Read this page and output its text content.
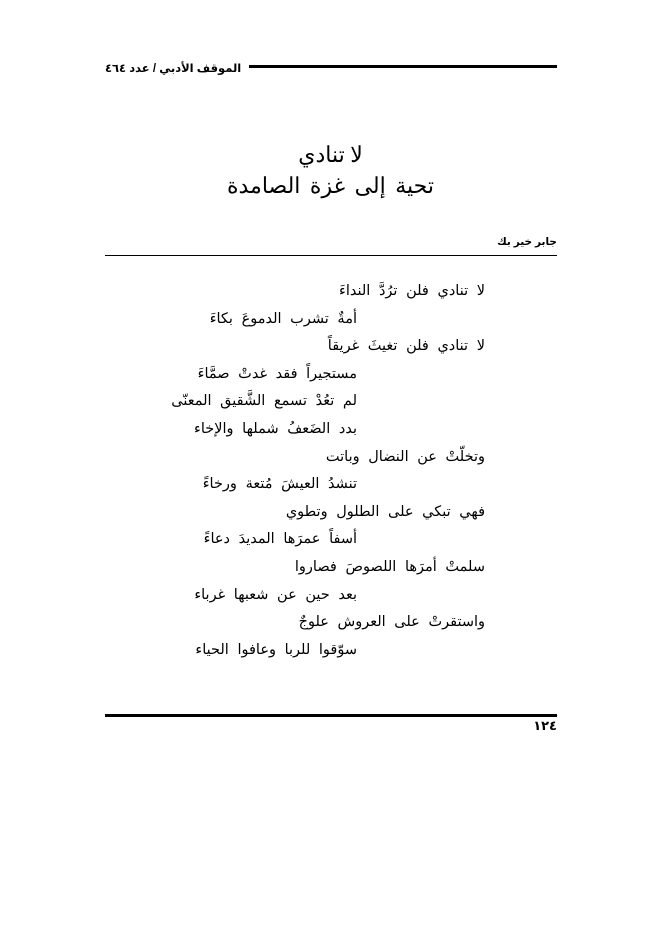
الموقف الأدبي / عدد ٤٦٤
لا تنادي
تحية إلى غزة الصامدة
جابر خير بك
لا تنادي فلن ترُدَّ النداءَ
أمةٌ تشرب الدموعَ بكاءَ
لا تنادي فلن تغيثَ غريقاً
مستجيراً فقد غدتْ صمَّاءَ
لم تعُدْ تسمع الشَّقيق المعنّى
بدد الضَعفُ شملها والإخاء
وتخلّتْ عن النضال وباتت
تنشدُ العيشَ مُتعة ورخاءً
فهي تبكي على الطلول وتطوي
أسفاً عمرَها المديدَ دعاءً
سلمتْ أمرَها اللصوصَ فصاروا
بعد حين عن شعبها غرباء
واستقرتْ على العروش علوجٌ
سوّقوا للربا وعافوا الحياء
١٢٤
